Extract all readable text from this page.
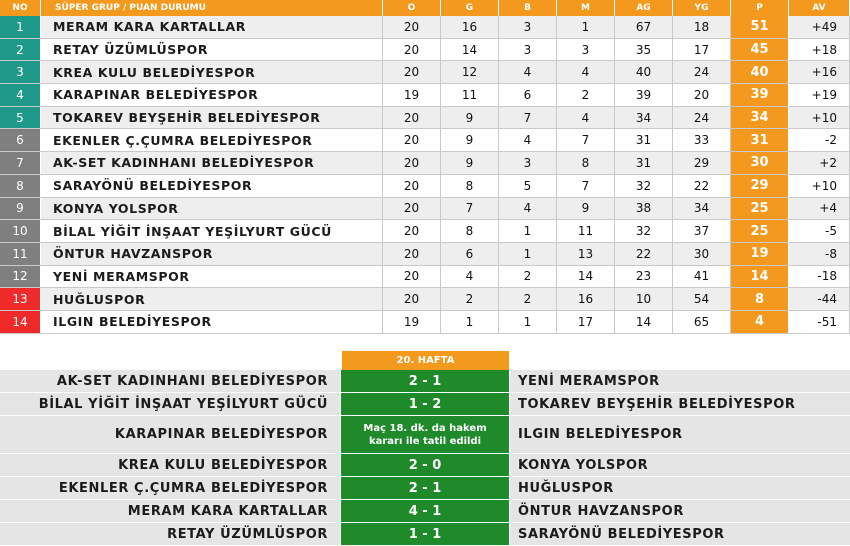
NO	SÜPER GRUP / PUAN DURUMU	O	G	B	M	AG	YG	P	AV
1	MERAM KARA KARTALLAR	20	16	3	1	67	18	51	+49
2	RETAY ÜZÜMLÜSPOR	20	14	3	3	35	17	45	+18
3	KREA KULU BELEDİYESPOR	20	12	4	4	40	24	40	+16
4	KARAPINAR BELEDİYESPOR	19	11	6	2	39	20	39	+19
5	TOKAREV BEYŞEHİR BELEDİYESPOR	20	9	7	4	34	24	34	+10
6	EKENLER Ç.ÇUMRA BELEDİYESPOR	20	9	4	7	31	33	31	-2
7	AK-SET KADINHANI BELEDİYESPOR	20	9	3	8	31	29	30	+2
8	SARAYÖNÜ BELEDİYESPOR	20	8	5	7	32	22	29	+10
9	KONYA YOLSPOR	20	7	4	9	38	34	25	+4
10	BİLAL YİĞİT İNŞAAT YEŞİLYURT GÜCÜ	20	8	1	11	32	37	25	-5
11	ÖNTUR HAVZANSPOR	20	6	1	13	22	30	19	-8
12	YENİ MERAMSPOR	20	4	2	14	23	41	14	-18
13	HUĞLUSPOR	20	2	2	16	10	54	8	-44
14	ILGIN BELEDİYESPOR	19	1	1	17	14	65	4	-51
20. HAFTA
AK-SET KADINHANI BELEDİYESPOR	2 - 1	YENİ MERAMSPOR
BİLAL YİĞİT İNŞAAT YEŞİLYURT GÜCÜ	1 - 2	TOKAREV BEYŞEHİR BELEDİYESPOR
KARAPINAR BELEDİYESPOR	Maç 18. dk. da hakem kararı ile tatil edildi	ILGIN BELEDİYESPOR
KREA KULU BELEDİYESPOR	2 - 0	KONYA YOLSPOR
EKENLER Ç.ÇUMRA BELEDİYESPOR	2 - 1	HUĞLUSPOR
MERAM KARA KARTALLAR	4 - 1	ÖNTUR HAVZANSPOR
RETAY ÜZÜMLÜSPOR	1 - 1	SARAYÖNÜ BELEDİYESPOR
